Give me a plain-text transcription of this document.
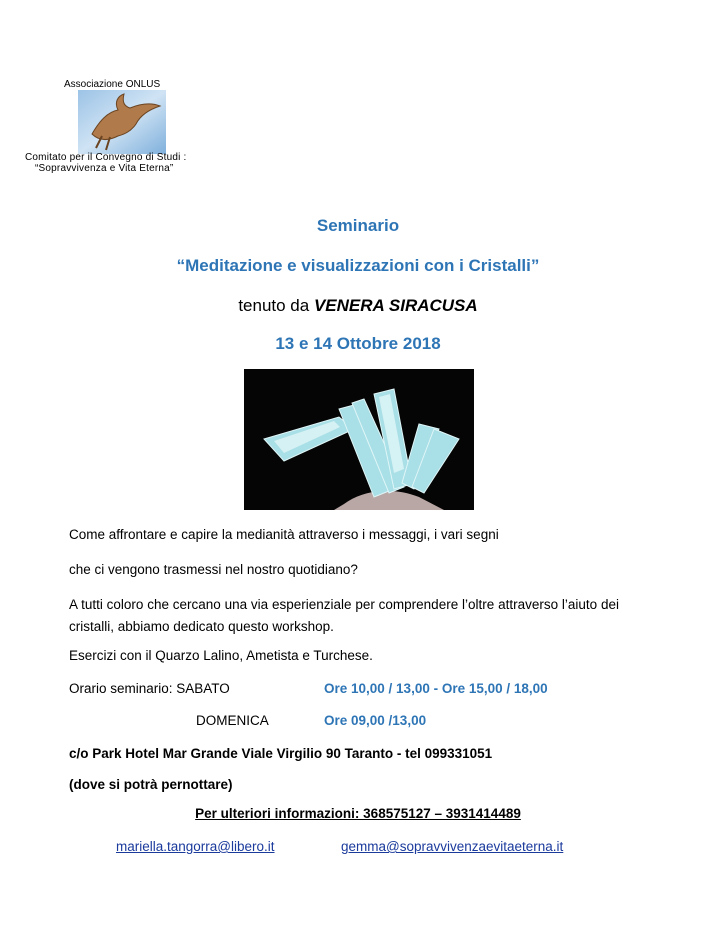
Associazione ONLUS
Comitato per il Convegno di Studi :
“Sopravvivenza e Vita Eterna”
Seminario
“Meditazione e visualizzazioni con i Cristalli”
tenuto da VENERA SIRACUSA
13 e 14 Ottobre 2018
Come affrontare e capire la medianità attraverso i messaggi, i vari segni
che ci vengono trasmessi nel nostro quotidiano?
A tutti coloro che cercano una via esperienziale per comprendere l’oltre attraverso l’aiuto dei cristalli, abbiamo dedicato questo workshop.
Esercizi con il Quarzo Lalino, Ametista e Turchese.
Orario seminario: SABATO	Ore 10,00 / 13,00 - Ore 15,00 / 18,00
DOMENICA	Ore 09,00 /13,00
c/o Park Hotel Mar Grande Viale Virgilio 90 Taranto - tel 099331051
(dove si potrà pernottare)
Per ulteriori informazioni: 368575127 – 3931414489
mariella.tangorra@libero.it	gemma@sopravvivenzaevitaeterna.it
